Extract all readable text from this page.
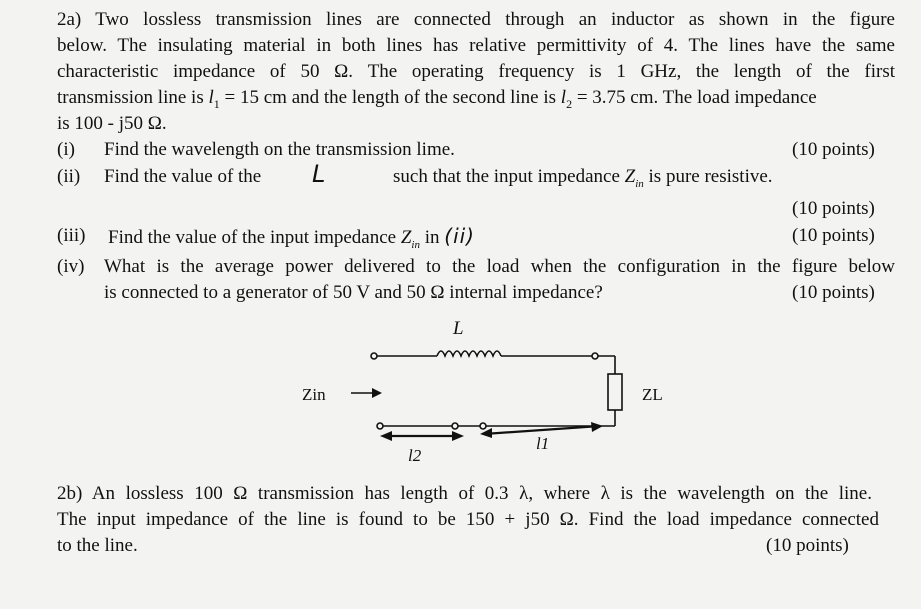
2a) Two lossless transmission lines are connected through an inductor as shown in the figure
below. The insulating material in both lines has relative permittivity of 4. The lines have the same
characteristic impedance of 50 Ω. The operating frequency is 1 GHz, the length of the first
transmission line is $l_1 = 15$ cm and the length of the second line is $l_2 = 3.75$ cm. The load impedance
is 100 - j50 Ω.
(i) Find the wavelength on the transmission lime.	(10 points)
(ii) Find the value of the L	such that the input impedance $Z_{in}$ is pure resistive.
(10 points)
(iii) Find the value of the input impedance $Z_{in}$ in (ii)	(10 points)
(iv) What is the average power delivered to the load when the configuration in the figure below
is connected to a generator of 50 V and 50 Ω internal impedance?	(10 points)
L
Zin	ZL
l1
l2
2b) An lossless 100 Ω transmission has length of 0.3 λ, where λ is the wavelength on the line.
The input impedance of the line is found to be 150 + j50 Ω. Find the load impedance connected
to the line.	(10 points)
